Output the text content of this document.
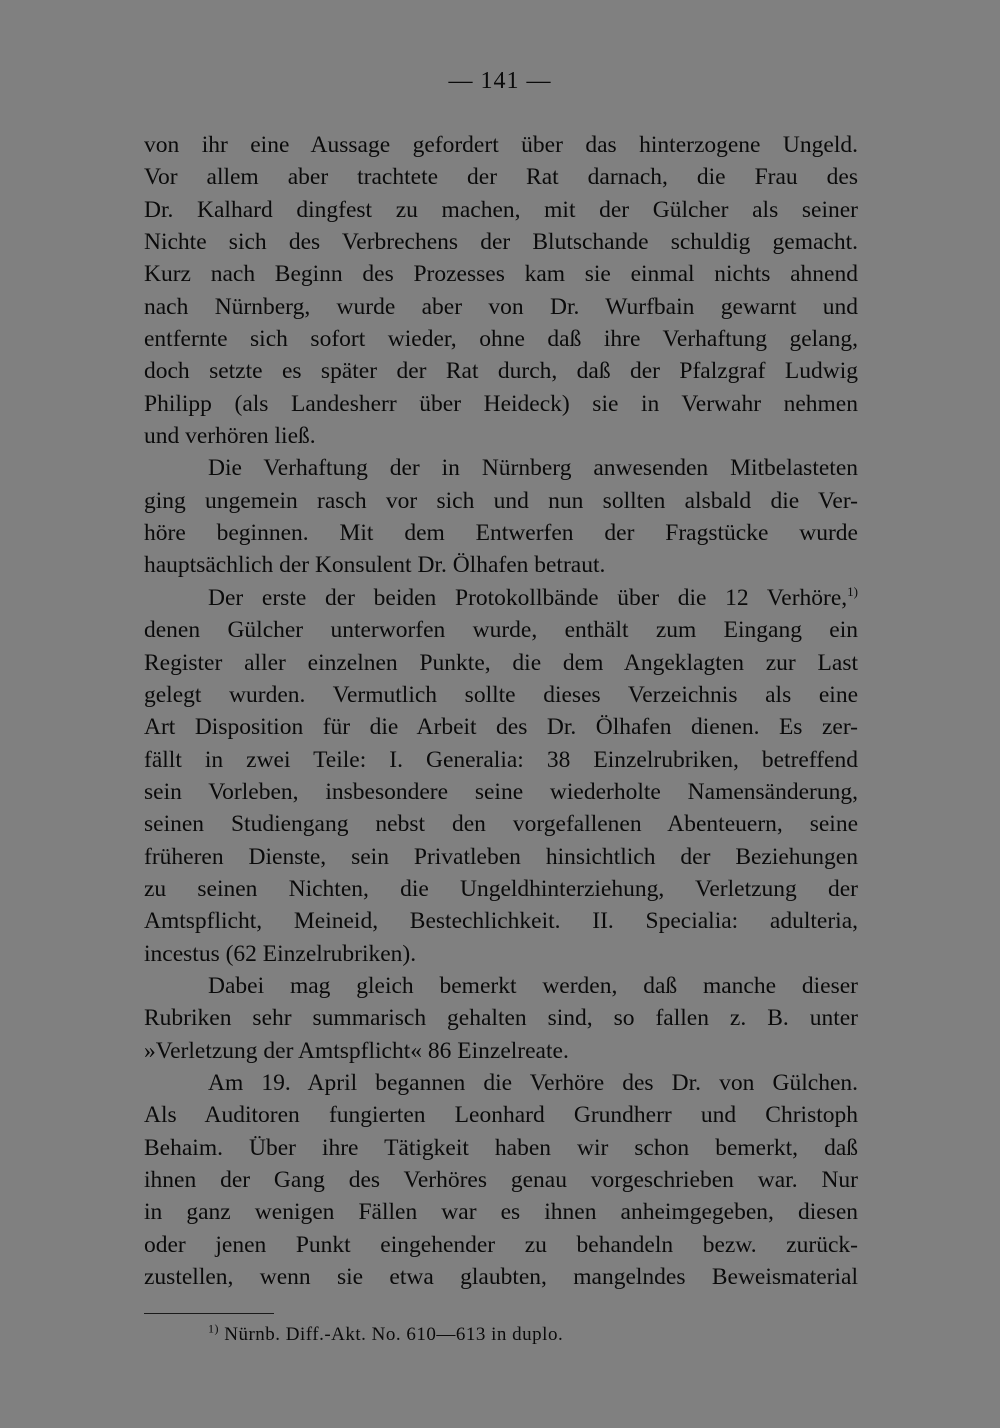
— 141 —
von ihr eine Aussage gefordert über das hinterzogene Ungeld.
Vor allem aber trachtete der Rat darnach, die Frau des
Dr. Kalhard dingfest zu machen, mit der Gülcher als seiner
Nichte sich des Verbrechens der Blutschande schuldig gemacht.
Kurz nach Beginn des Prozesses kam sie einmal nichts ahnend
nach Nürnberg, wurde aber von Dr. Wurfbain gewarnt und
entfernte sich sofort wieder, ohne daß ihre Verhaftung gelang,
doch setzte es später der Rat durch, daß der Pfalzgraf Ludwig
Philipp (als Landesherr über Heideck) sie in Verwahr nehmen
und verhören ließ.
Die Verhaftung der in Nürnberg anwesenden Mitbelasteten
ging ungemein rasch vor sich und nun sollten alsbald die Ver-
höre beginnen. Mit dem Entwerfen der Fragstücke wurde
hauptsächlich der Konsulent Dr. Ölhafen betraut.
Der erste der beiden Protokollbände über die 12 Verhöre,$^{1)}$
denen Gülcher unterworfen wurde, enthält zum Eingang ein
Register aller einzelnen Punkte, die dem Angeklagten zur Last
gelegt wurden. Vermutlich sollte dieses Verzeichnis als eine
Art Disposition für die Arbeit des Dr. Ölhafen dienen. Es zer-
fällt in zwei Teile: I. Generalia: 38 Einzelrubriken, betreffend
sein Vorleben, insbesondere seine wiederholte Namensänderung,
seinen Studiengang nebst den vorgefallenen Abenteuern, seine
früheren Dienste, sein Privatleben hinsichtlich der Beziehungen
zu seinen Nichten, die Ungeldhinterziehung, Verletzung der
Amtspflicht, Meineid, Bestechlichkeit. II. Specialia: adulteria,
incestus (62 Einzelrubriken).
Dabei mag gleich bemerkt werden, daß manche dieser
Rubriken sehr summarisch gehalten sind, so fallen z. B. unter
»Verletzung der Amtspflicht« 86 Einzelreate.
Am 19. April begannen die Verhöre des Dr. von Gülchen.
Als Auditoren fungierten Leonhard Grundherr und Christoph
Behaim. Über ihre Tätigkeit haben wir schon bemerkt, daß
ihnen der Gang des Verhöres genau vorgeschrieben war. Nur
in ganz wenigen Fällen war es ihnen anheimgegeben, diesen
oder jenen Punkt eingehender zu behandeln bezw. zurück-
zustellen, wenn sie etwa glaubten, mangelndes Beweismaterial
$^{1)}$ Nürnb. Diff.-Akt. No. 610—613 in duplo.
